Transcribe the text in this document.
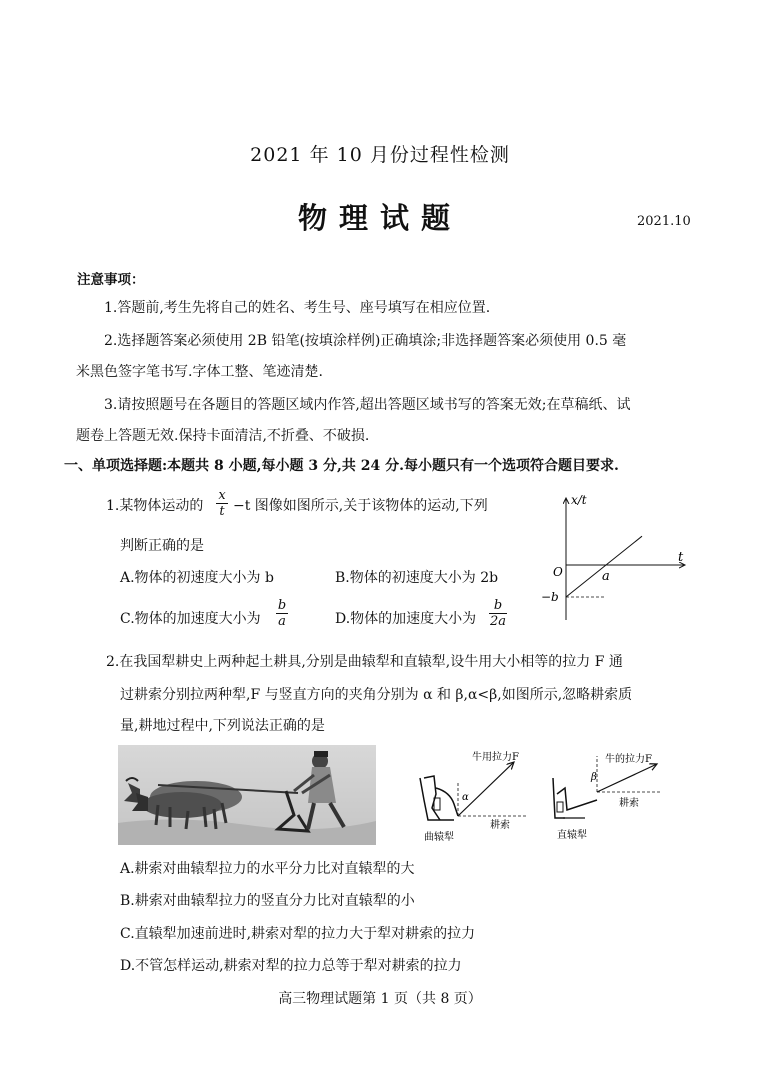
2021 年 10 月份过程性检测
物理试题	2021.10
注意事项：
1.答题前,考生先将自己的姓名、考生号、座号填写在相应位置.
2.选择题答案必须使用 2B 铅笔(按填涂样例)正确填涂;非选择题答案必须使用 0.5 毫
米黑色签字笔书写.字体工整、笔迹清楚.
3.请按照题号在各题目的答题区域内作答,超出答题区域书写的答案无效;在草稿纸、试
题卷上答题无效.保持卡面清洁,不折叠、不破损.
一、单项选择题:本题共 8 小题,每小题 3 分,共 24 分.每小题只有一个选项符合题目要求.
1.某物体运动的 $\frac{x}{t} -t$ 图像如图所示,关于该物体的运动,下列
判断正确的是
A.物体的初速度大小为 b	B.物体的初速度大小为 2b
C.物体的加速度大小为 $\frac{b}{a}$	D.物体的加速度大小为 $\frac{b}{2a}$
x/t
t
O	a
−b
2.在我国犁耕史上两种起土耕具,分别是曲辕犁和直辕犁,设牛用大小相等的拉力 F 通
过耕索分别拉两种犁,F 与竖直方向的夹角分别为 α 和 β,α<β,如图所示,忽略耕索质
量,耕地过程中,下列说法正确的是
牛用拉力F
α
耕索
曲辕犁
牛的拉力F
β
耕索
直辕犁
A.耕索对曲辕犁拉力的水平分力比对直辕犁的大
B.耕索对曲辕犁拉力的竖直分力比对直辕犁的小
C.直辕犁加速前进时,耕索对犁的拉力大于犁对耕索的拉力
D.不管怎样运动,耕索对犁的拉力总等于犁对耕索的拉力
高三物理试题第 1 页（共 8 页）
